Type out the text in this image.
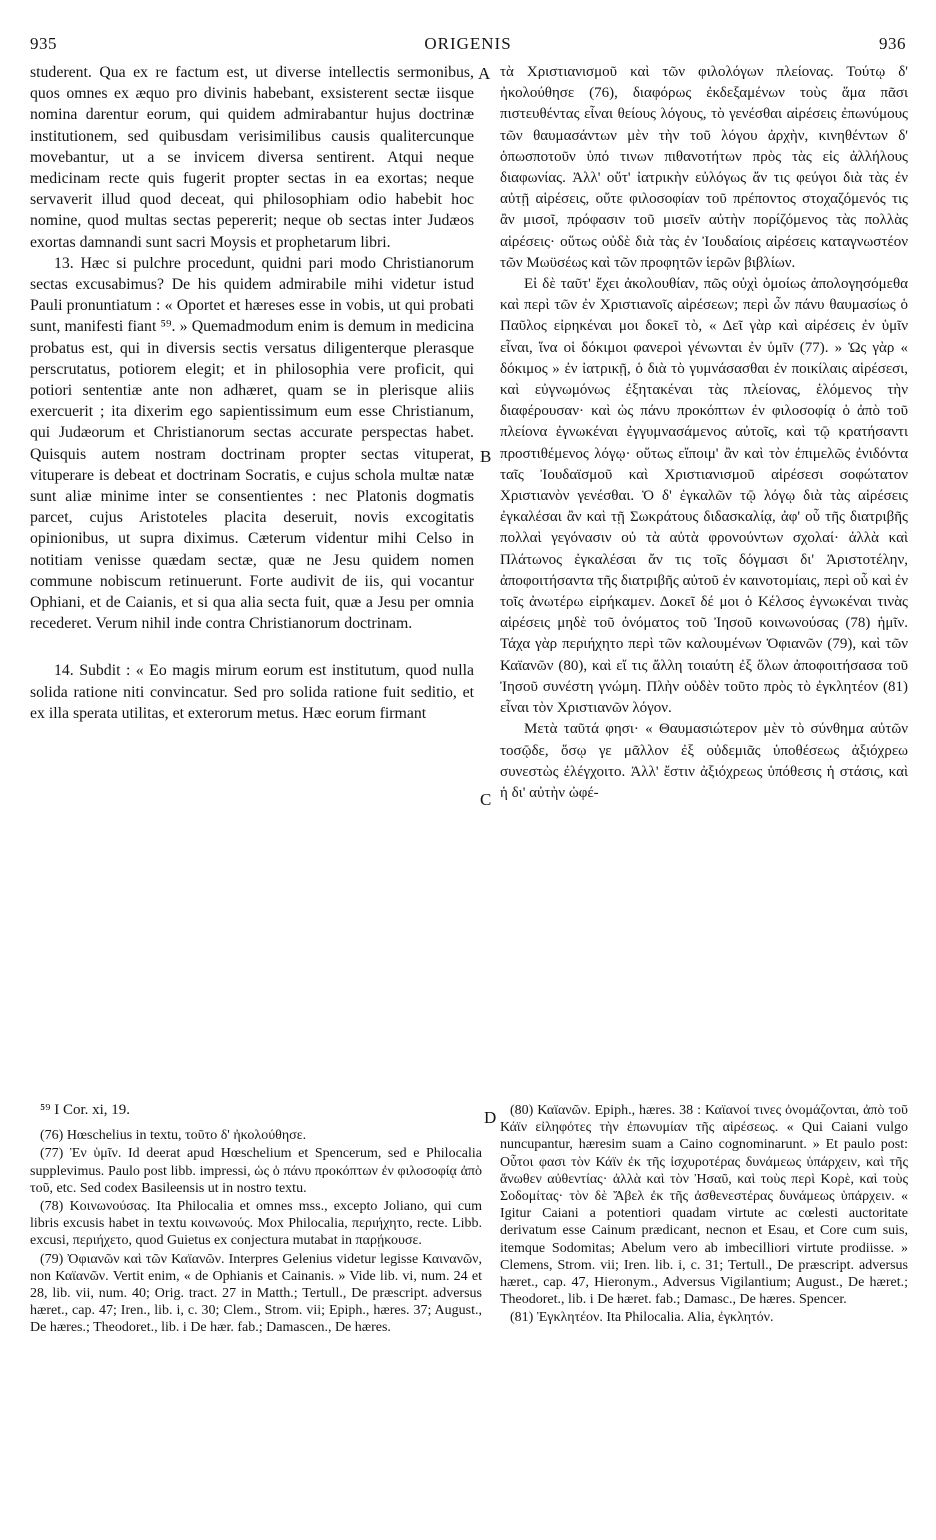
935	ORIGENIS	936
A
B
C
D

studerent. Qua ex re factum est, ut diverse intellectis sermonibus, quos omnes ex æquo pro divinis habebant, exsisterent sectæ iisque nomina darentur eorum, qui quidem admirabantur hujus doctrinæ institutionem, sed quibusdam verisimilibus causis qualitercunque movebantur, ut a se invicem diversa sentirent. Atqui neque medicinam recte quis fugerit propter sectas in ea exortas; neque servaverit illud quod deceat, qui philosophiam odio habebit hoc nomine, quod multas sectas pepererit; neque ob sectas inter Judæos exortas damnandi sunt sacri Moysis et prophetarum libri.

13. Hæc si pulchre procedunt, quidni pari modo Christianorum sectas excusabimus? De his quidem admirabile mihi videtur istud Pauli pronuntiatum : « Oportet et hæreses esse in vobis, ut qui probati sunt, manifesti fiant ⁵⁹. » Quemadmodum enim is demum in medicina probatus est, qui in diversis sectis versatus diligenterque plerasque perscrutatus, potiorem elegit; et in philosophia vere proficit, qui potiori sententiæ ante non adhæret, quam se in plerisque aliis exercuerit ; ita dixerim ego sapientissimum eum esse Christianum, qui Judæorum et Christianorum sectas accurate perspectas habet. Quisquis autem nostram doctrinam propter sectas vituperat, vituperare is debeat et doctrinam Socratis, e cujus schola multæ natæ sunt aliæ minime inter se consentientes : nec Platonis dogmatis parcet, cujus Aristoteles placita deseruit, novis excogitatis opinionibus, ut supra diximus. Cæterum videntur mihi Celso in notitiam venisse quædam sectæ, quæ ne Jesu quidem nomen commune nobiscum retinuerunt. Forte audivit de iis, qui vocantur Ophiani, et de Caianis, et si qua alia secta fuit, quæ a Jesu per omnia recederet. Verum nihil inde contra Christianorum doctrinam.

14. Subdit : « Eo magis mirum eorum est institutum, quod nulla solida ratione niti convincatur. Sed pro solida ratione fuit seditio, et ex illa sperata utilitas, et exterorum metus. Hæc eorum firmant

τὰ Χριστιανισμοῦ καὶ τῶν φιλολόγων πλείονας. Τούτῳ δ' ἠκολούθησε (76), διαφόρως ἐκδεξαμένων τοὺς ἅμα πᾶσι πιστευθέντας εἶναι θείους λόγους, τὸ γενέσθαι αἱρέσεις ἐπωνύμους τῶν θαυμασάντων μὲν τὴν τοῦ λόγου ἀρχὴν, κινηθέντων δ' ὁπωσποτοῦν ὑπό τινων πιθανοτήτων πρὸς τὰς εἰς ἀλλήλους διαφωνίας. Ἀλλ' οὔτ' ἰατρικὴν εὐλόγως ἄν τις φεύγοι διὰ τὰς ἐν αὐτῇ αἱρέσεις, οὔτε φιλοσοφίαν τοῦ πρέποντος στοχαζόμενός τις ἂν μισοῖ, πρόφασιν τοῦ μισεῖν αὐτὴν πορίζόμενος τὰς πολλὰς αἱρέσεις· οὕτως οὐδὲ διὰ τὰς ἐν Ἰουδαίοις αἱρέσεις καταγνωστέον τῶν Μωϋσέως καὶ τῶν προφητῶν ἱερῶν βιβλίων.

Εἰ δὲ ταῦτ' ἔχει ἀκολουθίαν, πῶς οὐχὶ ὁμοίως ἀπολογησόμεθα καὶ περὶ τῶν ἐν Χριστιανοῖς αἱρέσεων; περὶ ὧν πάνυ θαυμασίως ὁ Παῦλος εἰρηκέναι μοι δοκεῖ τὸ, « Δεῖ γὰρ καὶ αἱρέσεις ἐν ὑμῖν εἶναι, ἵνα οἱ δόκιμοι φανεροὶ γένωνται ἐν ὑμῖν (77). » Ὡς γὰρ « δόκιμος » ἐν ἰατρικῇ, ὁ διὰ τὸ γυμνάσασθαι ἐν ποικίλαις αἱρέσεσι, καὶ εὐγνωμόνως ἐξητακέναι τὰς πλείονας, ἑλόμενος τὴν διαφέρουσαν· καὶ ὡς πάνυ προκόπτων ἐν φιλοσοφίᾳ ὁ ἀπὸ τοῦ πλείονα ἐγνωκέναι ἐγγυμνασάμενος αὐτοῖς, καὶ τῷ κρατήσαντι προστιθέμενος λόγῳ· οὕτως εἴποιμ' ἂν καὶ τὸν ἐπιμελῶς ἐνιδόντα ταῖς Ἰουδαϊσμοῦ καὶ Χριστιανισμοῦ αἱρέσεσι σοφώτατον Χριστιανὸν γενέσθαι. Ὁ δ' ἐγκαλῶν τῷ λόγῳ διὰ τὰς αἱρέσεις ἐγκαλέσαι ἂν καὶ τῇ Σωκράτους διδασκαλίᾳ, ἀφ' οὗ τῆς διατριβῆς πολλαὶ γεγόνασιν οὐ τὰ αὐτὰ φρονούντων σχολαί· ἀλλὰ καὶ Πλάτωνος ἐγκαλέσαι ἄν τις τοῖς δόγμασι δι' Ἀριστοτέλην, ἀποφοιτήσαντα τῆς διατριβῆς αὐτοῦ ἐν καινοτομίαις, περὶ οὗ καὶ ἐν τοῖς ἀνωτέρω εἰρήκαμεν. Δοκεῖ δέ μοι ὁ Κέλσος ἐγνωκέναι τινὰς αἱρέσεις μηδὲ τοῦ ὀνόματος τοῦ Ἰησοῦ κοινωνούσας (78) ἡμῖν. Τάχα γὰρ περιήχητο περὶ τῶν καλουμένων Ὀφιανῶν (79), καὶ τῶν Καϊανῶν (80), καὶ εἴ τις ἄλλη τοιαύτη ἐξ ὅλων ἀποφοιτήσασα τοῦ Ἰησοῦ συνέστη γνώμη. Πλὴν οὐδὲν τοῦτο πρὸς τὸ ἐγκλητέον (81) εἶναι τὸν Χριστιανῶν λόγον.

Μετὰ ταῦτά φησι· « Θαυμασιώτερον μὲν τὸ σύνθημα αὐτῶν τοσῷδε, ὅσῳ γε μᾶλλον ἐξ οὐδεμιᾶς ὑποθέσεως ἀξιόχρεω συνεστὼς ἐλέγχοιτο. Ἀλλ' ἔστιν ἀξιόχρεως ὑπόθεσις ἡ στάσις, καὶ ἡ δι' αὐτὴν ὠφέ-

⁵⁹ I Cor. xi, 19.

(76) Hœschelius in textu, τοῦτο δ' ἠκολούθησε.

(77) Ἐν ὑμῖν. Id deerat apud Hœschelium et Spencerum, sed e Philocalia supplevimus. Paulo post libb. impressi, ὡς ὁ πάνυ προκόπτων ἐν φιλοσοφίᾳ ἀπὸ τοῦ, etc. Sed codex Basileensis ut in nostro textu.

(78) Κοινωνούσας. Ita Philocalia et omnes mss., excepto Joliano, qui cum libris excusis habet in textu κοινωνούς. Mox Philocalia, περιήχητο, recte. Libb. excusi, περιήχετο, quod Guietus ex conjectura mutabat in παρῄκουσε.

(79) Ὀφιανῶν καὶ τῶν Καϊανῶν. Interpres Gelenius videtur legisse Καινανῶν, non Καϊανῶν. Vertit enim, « de Ophianis et Cainanis. » Vide lib. vi, num. 24 et 28, lib. vii, num. 40; Orig. tract. 27 in Matth.; Tertull., De præscript. adversus hæret., cap. 47; Iren., lib. i, c. 30; Clem., Strom. vii; Epiph., hæres. 37; August., De hæres.; Theodoret., lib. i De hær. fab.; Damascen., De hæres.

(80) Καϊανῶν. Epiph., hæres. 38 : Καϊανοί τινες ὀνομάζονται, ἀπὸ τοῦ Κάϊν εἰληφότες τὴν ἐπωνυμίαν τῆς αἱρέσεως. « Qui Caiani vulgo nuncupantur, hæresim suam a Caino cognominarunt. » Et paulo post: Οὗτοι φασι τὸν Κάϊν ἐκ τῆς ἰσχυροτέρας δυνάμεως ὑπάρχειν, καὶ τῆς ἄνωθεν αὐθεντίας· ἀλλὰ καὶ τὸν Ἠσαῦ, καὶ τοὺς περὶ Κορὲ, καὶ τοὺς Σοδομίτας· τὸν δὲ Ἄβελ ἐκ τῆς ἀσθενεστέρας δυνάμεως ὑπάρχειν. « Igitur Caiani a potentiori quadam virtute ac cœlesti auctoritate derivatum esse Cainum prædicant, necnon et Esau, et Core cum suis, itemque Sodomitas; Abelum vero ab imbecilliori virtute prodiisse. » Clemens, Strom. vii; Iren. lib. i, c. 31; Tertull., De præscript. adversus hæret., cap. 47, Hieronym., Adversus Vigilantium; August., De hæret.; Theodoret., lib. i De hæret. fab.; Damasc., De hæres. Spencer.

(81) Ἐγκλητέον. Ita Philocalia. Alia, ἐγκλητόν.
